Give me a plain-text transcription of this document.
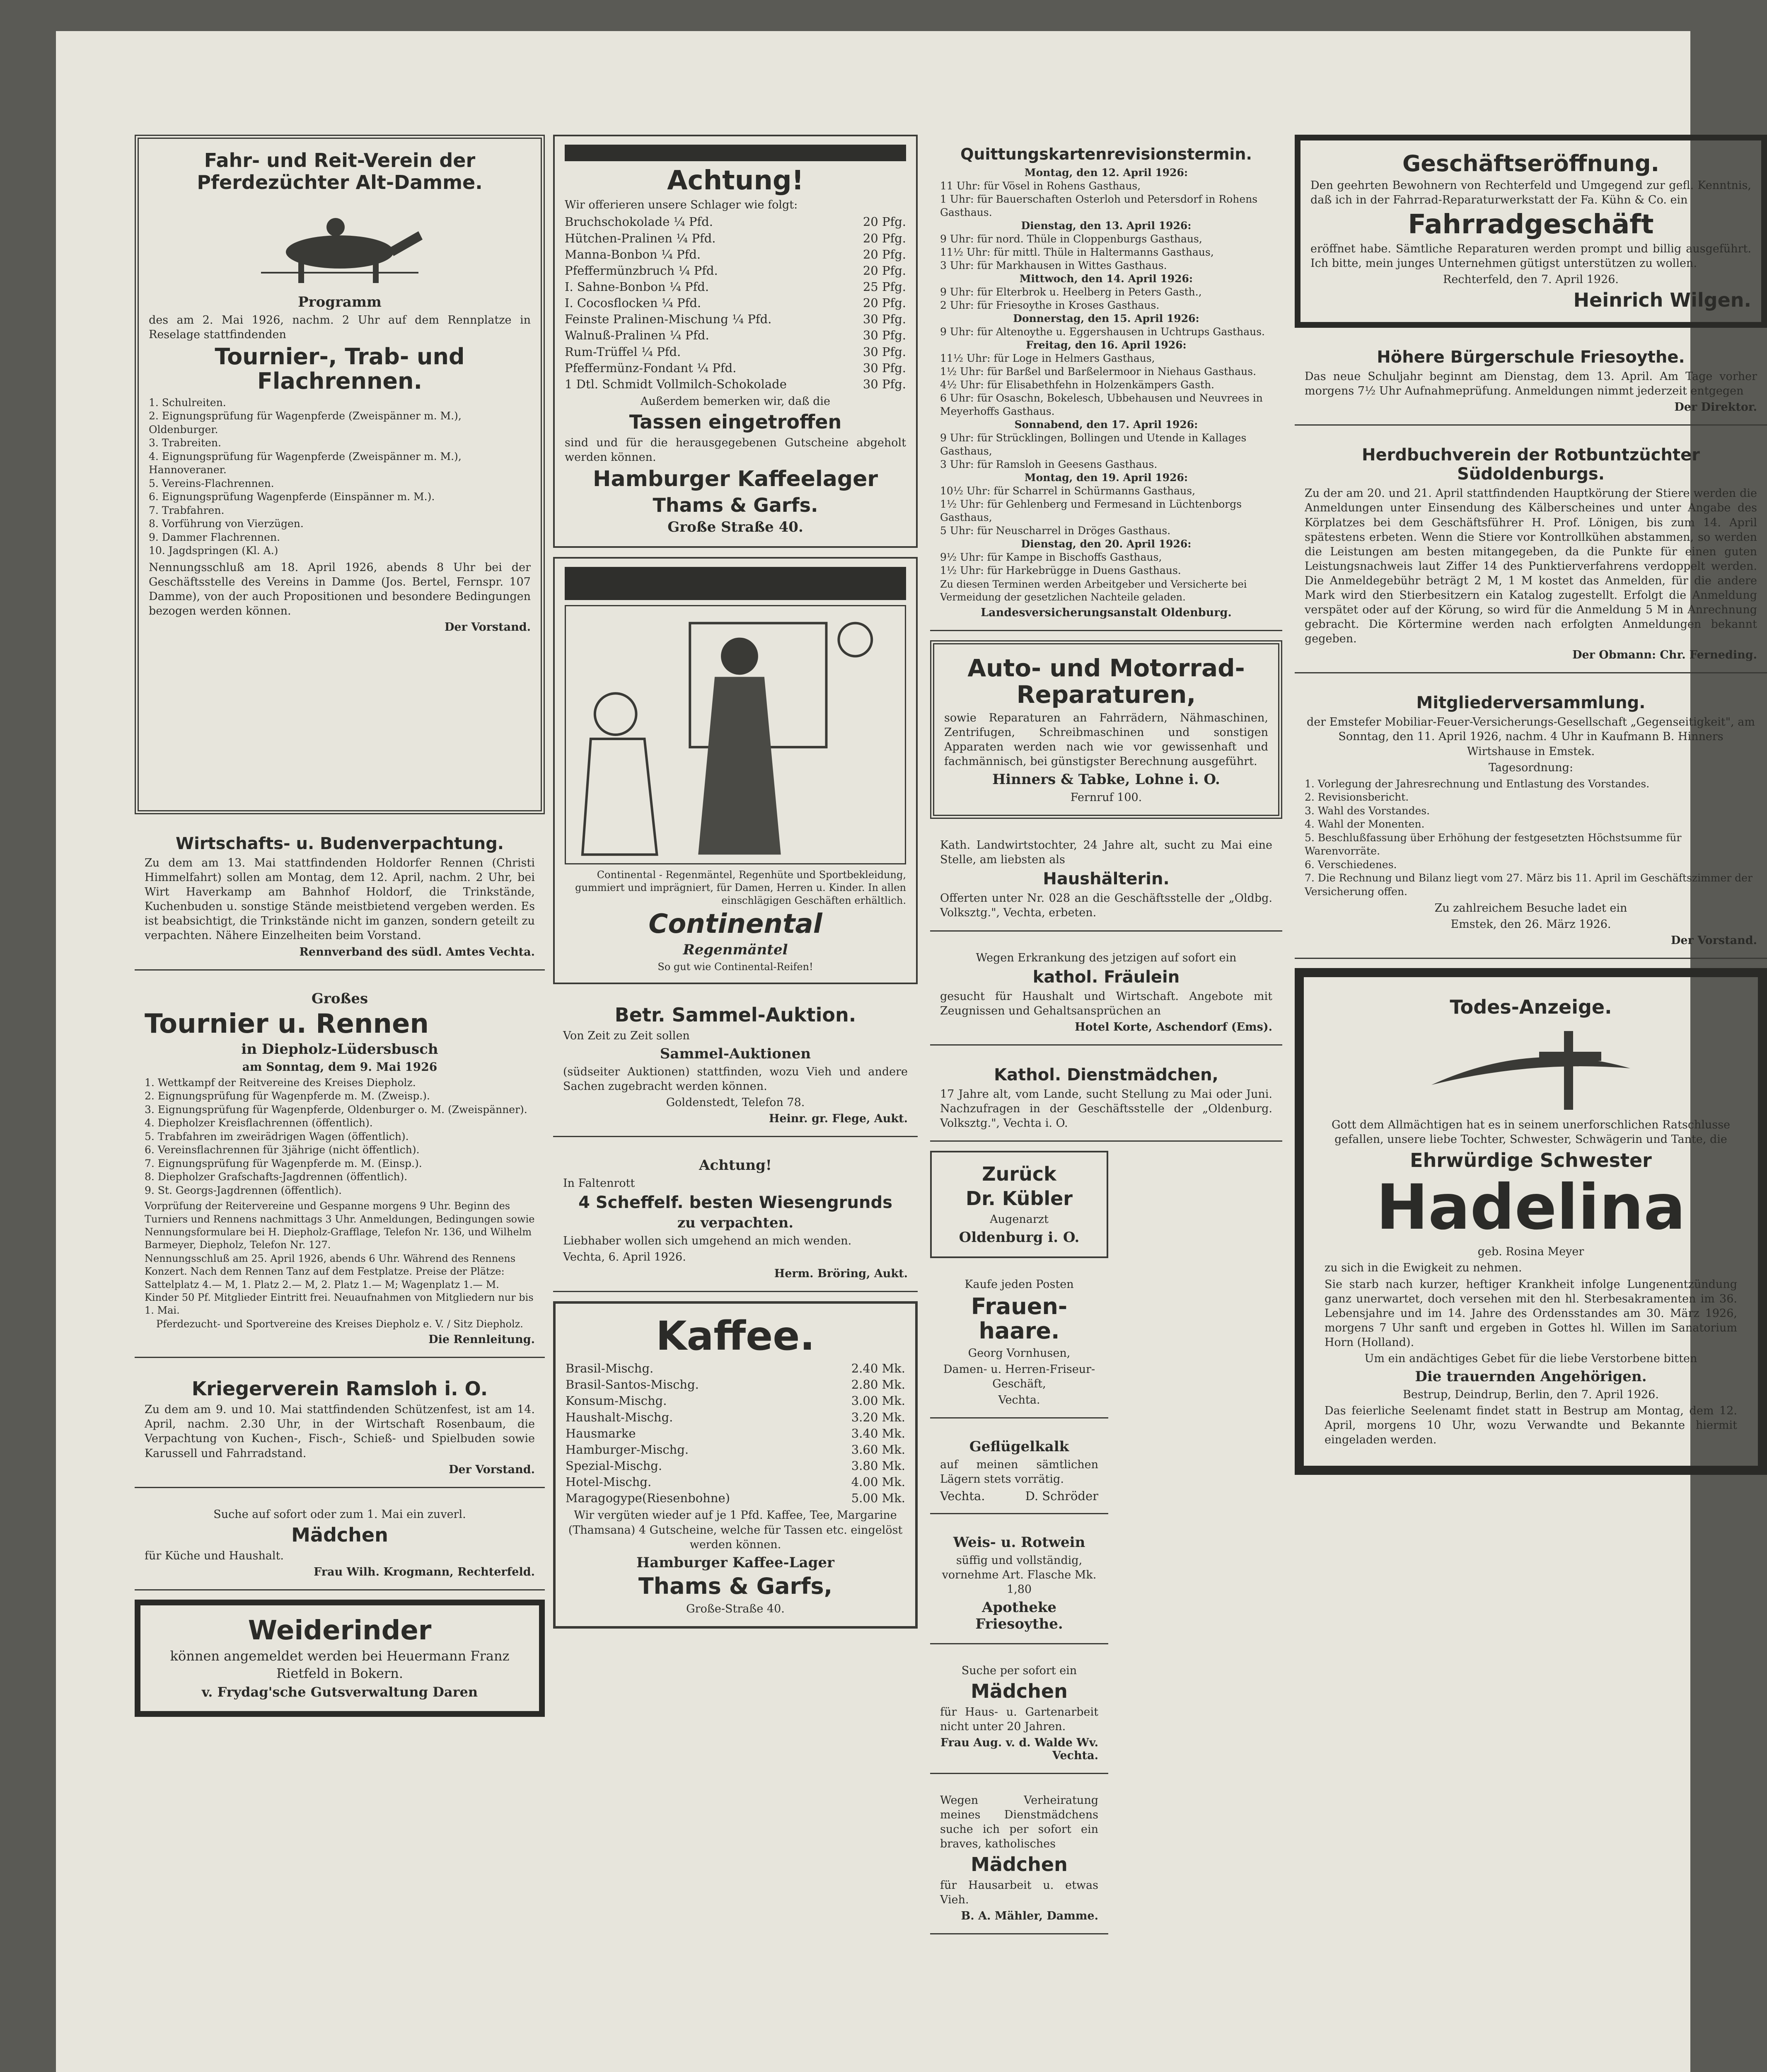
Fahr- und Reit-Verein der Pferdezüchter Alt-Damme.
Programm
des am 2. Mai 1926, nachm. 2 Uhr auf dem Rennplatze in Reselage stattfindenden
Tournier-, Trab- und Flachrennen.
1. Schulreiten.
2. Eignungsprüfung für Wagenpferde (Zweispänner m. M.), Oldenburger.
3. Trabreiten.
4. Eignungsprüfung für Wagenpferde (Zweispänner m. M.), Hannoveraner.
5. Vereins-Flachrennen.
6. Eignungsprüfung Wagenpferde (Einspänner m. M.).
7. Trabfahren.
8. Vorführung von Vierzügen.
9. Dammer Flachrennen.
10. Jagdspringen (Kl. A.)
Nennungsschluß am 18. April 1926, abends 8 Uhr bei der Geschäftsstelle des Vereins in Damme (Jos. Bertel, Fernspr. 107 Damme), von der auch Propositionen und besondere Bedingungen bezogen werden können.
Der Vorstand.
Wirtschafts- u. Budenverpachtung.
Zu dem am 13. Mai stattfindenden Holdorfer Rennen (Christi Himmelfahrt) sollen am Montag, dem 12. April, nachm. 2 Uhr, bei Wirt Haverkamp am Bahnhof Holdorf, die Trinkstände, Kuchenbuden u. sonstige Stände meistbietend vergeben werden. Es ist beabsichtigt, die Trinkstände nicht im ganzen, sondern geteilt zu verpachten. Nähere Einzelheiten beim Vorstand.
Rennverband des südl. Amtes Vechta.
Großes
Tournier u. Rennen
in Diepholz-Lüdersbusch
am Sonntag, dem 9. Mai 1926
1. Wettkampf der Reitvereine des Kreises Diepholz.
2. Eignungsprüfung für Wagenpferde m. M. (Zweisp.).
3. Eignungsprüfung für Wagenpferde, Oldenburger o. M. (Zweispänner).
4. Diepholzer Kreisflachrennen (öffentlich).
5. Trabfahren im zweirädrigen Wagen (öffentlich).
6. Vereinsflachrennen für 3jährige (nicht öffentlich).
7. Eignungsprüfung für Wagenpferde m. M. (Einsp.).
8. Diepholzer Grafschafts-Jagdrennen (öffentlich).
9. St. Georgs-Jagdrennen (öffentlich).
Vorprüfung der Reitervereine und Gespanne morgens 9 Uhr. Beginn des Turniers und Rennens nachmittags 3 Uhr. Anmeldungen, Bedingungen sowie Nennungsformulare bei H. Diepholz-Grafflage, Telefon Nr. 136, und Wilhelm Barmeyer, Diepholz, Telefon Nr. 127.
Nennungsschluß am 25. April 1926, abends 6 Uhr. Während des Rennens Konzert. Nach dem Rennen Tanz auf dem Festplatze. Preise der Plätze: Sattelplatz 4.— M, 1. Platz 2.— M, 2. Platz 1.— M; Wagenplatz 1.— M. Kinder 50 Pf. Mitglieder Eintritt frei. Neuaufnahmen von Mitgliedern nur bis 1. Mai.
Pferdezucht- und Sportvereine des Kreises Diepholz e. V. / Sitz Diepholz.
Die Rennleitung.
Kriegerverein Ramsloh i. O.
Zu dem am 9. und 10. Mai stattfindenden Schützenfest, ist am 14. April, nachm. 2.30 Uhr, in der Wirtschaft Rosenbaum, die Verpachtung von Kuchen-, Fisch-, Schieß- und Spielbuden sowie Karussell und Fahrradstand.
Der Vorstand.
Suche auf sofort oder zum 1. Mai ein zuverl.
Mädchen
für Küche und Haushalt.
Frau Wilh. Krogmann, Rechterfeld.
Weiderinder
können angemeldet werden bei Heuermann Franz Rietfeld in Bokern.
v. Frydag'sche Gutsverwaltung Daren
Achtung!
Wir offerieren unsere Schlager wie folgt:
Bruchschokolade ¼ Pfd.	20 Pfg.
Hütchen-Pralinen ¼ Pfd.	20 Pfg.
Manna-Bonbon ¼ Pfd.	20 Pfg.
Pfeffermünzbruch ¼ Pfd.	20 Pfg.
I. Sahne-Bonbon ¼ Pfd.	25 Pfg.
I. Cocosflocken ¼ Pfd.	20 Pfg.
Feinste Pralinen-Mischung ¼ Pfd.	30 Pfg.
Walnuß-Pralinen ¼ Pfd.	30 Pfg.
Rum-Trüffel ¼ Pfd.	30 Pfg.
Pfeffermünz-Fondant ¼ Pfd.	30 Pfg.
1 Dtl. Schmidt Vollmilch-Schokolade	30 Pfg.
Außerdem bemerken wir, daß die
Tassen eingetroffen
sind und für die herausgegebenen Gutscheine abgeholt werden können.
Hamburger Kaffeelager
Thams & Garfs.
Große Straße 40.
Continental - Regenmäntel, Regenhüte und Sportbekleidung, gummiert und imprägniert, für Damen, Herren u. Kinder. In allen einschlägigen Geschäften erhältlich.
Continental
Regenmäntel
So gut wie Continental-Reifen!
Betr. Sammel-Auktion.
Von Zeit zu Zeit sollen
Sammel-Auktionen
(südseiter Auktionen) stattfinden, wozu Vieh und andere Sachen zugebracht werden können.
Goldenstedt, Telefon 78.
Heinr. gr. Flege, Aukt.
Achtung!
In Faltenrott
4 Scheffelf. besten Wiesengrunds
zu verpachten.
Liebhaber wollen sich umgehend an mich wenden.
Vechta, 6. April 1926.
Herm. Bröring, Aukt.
Kaffee.
Brasil-Mischg.	2.40 Mk.
Brasil-Santos-Mischg.	2.80 Mk.
Konsum-Mischg.	3.00 Mk.
Haushalt-Mischg.	3.20 Mk.
Hausmarke	3.40 Mk.
Hamburger-Mischg.	3.60 Mk.
Spezial-Mischg.	3.80 Mk.
Hotel-Mischg.	4.00 Mk.
Maragogype(Riesenbohne)	5.00 Mk.
Wir vergüten wieder auf je 1 Pfd. Kaffee, Tee, Margarine (Thamsana) 4 Gutscheine, welche für Tassen etc. eingelöst werden können.
Hamburger Kaffee-Lager
Thams & Garfs,
Große-Straße 40.
Quittungskartenrevisionstermin.
Montag, den 12. April 1926:
11 Uhr: für Vösel in Rohens Gasthaus,
1 Uhr: für Bauerschaften Osterloh und Petersdorf in Rohens Gasthaus.
Dienstag, den 13. April 1926:
9 Uhr: für nord. Thüle in Cloppenburgs Gasthaus,
11½ Uhr: für mittl. Thüle in Haltermanns Gasthaus,
3 Uhr: für Markhausen in Wittes Gasthaus.
Mittwoch, den 14. April 1926:
9 Uhr: für Elterbrok u. Heelberg in Peters Gasth.,
2 Uhr: für Friesoythe in Kroses Gasthaus.
Donnerstag, den 15. April 1926:
9 Uhr: für Altenoythe u. Eggershausen in Uchtrups Gasthaus.
Freitag, den 16. April 1926:
11½ Uhr: für Loge in Helmers Gasthaus,
1½ Uhr: für Barßel und Barßelermoor in Niehaus Gasthaus.
4½ Uhr: für Elisabethfehn in Holzenkämpers Gasth.
6 Uhr: für Osaschn, Bokelesch, Ubbehausen und Neuvrees in Meyerhoffs Gasthaus.
Sonnabend, den 17. April 1926:
9 Uhr: für Strücklingen, Bollingen und Utende in Kallages Gasthaus,
3 Uhr: für Ramsloh in Geesens Gasthaus.
Montag, den 19. April 1926:
10½ Uhr: für Scharrel in Schürmanns Gasthaus,
1½ Uhr: für Gehlenberg und Fermesand in Lüchtenborgs Gasthaus,
5 Uhr: für Neuscharrel in Dröges Gasthaus.
Dienstag, den 20. April 1926:
9½ Uhr: für Kampe in Bischoffs Gasthaus,
1½ Uhr: für Harkebrügge in Duens Gasthaus.
Zu diesen Terminen werden Arbeitgeber und Versicherte bei Vermeidung der gesetzlichen Nachteile geladen.
Landesversicherungsanstalt Oldenburg.
Auto- und Motorrad-Reparaturen,
sowie Reparaturen an Fahrrädern, Nähmaschinen, Zentrifugen, Schreibmaschinen und sonstigen Apparaten werden nach wie vor gewissenhaft und fachmännisch, bei günstigster Berechnung ausgeführt.
Hinners & Tabke, Lohne i. O.
Fernruf 100.
Kath. Landwirtstochter, 24 Jahre alt, sucht zu Mai eine Stelle, am liebsten als
Haushälterin.
Offerten unter Nr. 028 an die Geschäftsstelle der „Oldbg. Volksztg.", Vechta, erbeten.
Wegen Erkrankung des jetzigen auf sofort ein
kathol. Fräulein
gesucht für Haushalt und Wirtschaft. Angebote mit Zeugnissen und Gehaltsansprüchen an
Hotel Korte, Aschendorf (Ems).
Kathol. Dienstmädchen,
17 Jahre alt, vom Lande, sucht Stellung zu Mai oder Juni. Nachzufragen in der Geschäftsstelle der „Oldenburg. Volksztg.", Vechta i. O.
Zurück
Dr. Kübler
Augenarzt
Oldenburg i. O.
Kaufe jeden Posten
Frauen-haare.
Georg Vornhusen,
Damen- u. Herren-Friseur-Geschäft,
Vechta.
Geflügelkalk
auf meinen sämtlichen Lägern stets vorrätig.
Vechta.	D. Schröder
Weis- u. Rotwein
süffig und vollständig, vornehme Art. Flasche Mk. 1,80
Apotheke Friesoythe.
Suche per sofort ein
Mädchen
für Haus- u. Gartenarbeit nicht unter 20 Jahren.
Frau Aug. v. d. Walde Wv. Vechta.
Wegen Verheiratung meines Dienstmädchens suche ich per sofort ein braves, katholisches
Mädchen
für Hausarbeit u. etwas Vieh.
B. A. Mähler, Damme.
Geschäftseröffnung.
Den geehrten Bewohnern von Rechterfeld und Umgegend zur gefl. Kenntnis, daß ich in der Fahrrad-Reparaturwerkstatt der Fa. Kühn & Co. ein
Fahrradgeschäft
eröffnet habe. Sämtliche Reparaturen werden prompt und billig ausgeführt. Ich bitte, mein junges Unternehmen gütigst unterstützen zu wollen.
Rechterfeld, den 7. April 1926.
Heinrich Wilgen.
Höhere Bürgerschule Friesoythe.
Das neue Schuljahr beginnt am Dienstag, dem 13. April. Am Tage vorher morgens 7½ Uhr Aufnahmeprüfung. Anmeldungen nimmt jederzeit entgegen
Der Direktor.
Herdbuchverein der Rotbuntzüchter Südoldenburgs.
Zu der am 20. und 21. April stattfindenden Hauptkörung der Stiere werden die Anmeldungen unter Einsendung des Kälberscheines und unter Angabe des Körplatzes bei dem Geschäftsführer H. Prof. Lönigen, bis zum 14. April spätestens erbeten. Wenn die Stiere vor Kontrollkühen abstammen, so werden die Leistungen am besten mitangegeben, da die Punkte für einen guten Leistungsnachweis laut Ziffer 14 des Punktierverfahrens verdoppelt werden. Die Anmeldegebühr beträgt 2 M, 1 M kostet das Anmelden, für die andere Mark wird den Stierbesitzern ein Katalog zugestellt. Erfolgt die Anmeldung verspätet oder auf der Körung, so wird für die Anmeldung 5 M in Anrechnung gebracht. Die Körtermine werden nach erfolgten Anmeldungen bekannt gegeben.
Der Obmann: Chr. Ferneding.
Mitgliederversammlung.
der Emstefer Mobiliar-Feuer-Versicherungs-Gesellschaft „Gegenseitigkeit", am Sonntag, den 11. April 1926, nachm. 4 Uhr in Kaufmann B. Hinners Wirtshause in Emstek.
Tagesordnung:
1. Vorlegung der Jahresrechnung und Entlastung des Vorstandes.
2. Revisionsbericht.
3. Wahl des Vorstandes.
4. Wahl der Monenten.
5. Beschlußfassung über Erhöhung der festgesetzten Höchstsumme für Warenvorräte.
6. Verschiedenes.
7. Die Rechnung und Bilanz liegt vom 27. März bis 11. April im Geschäftszimmer der Versicherung offen.
Zu zahlreichem Besuche ladet ein
Emstek, den 26. März 1926.
Der Vorstand.
Todes-Anzeige.
Gott dem Allmächtigen hat es in seinem unerforschlichen Ratschlusse gefallen, unsere liebe Tochter, Schwester, Schwägerin und Tante, die
Ehrwürdige Schwester
Hadelina
geb. Rosina Meyer
zu sich in die Ewigkeit zu nehmen.
Sie starb nach kurzer, heftiger Krankheit infolge Lungenentzündung ganz unerwartet, doch versehen mit den hl. Sterbesakramenten im 36. Lebensjahre und im 14. Jahre des Ordensstandes am 30. März 1926, morgens 7 Uhr sanft und ergeben in Gottes hl. Willen im Sanatorium Horn (Holland).
Um ein andächtiges Gebet für die liebe Verstorbene bitten
Die trauernden Angehörigen.
Bestrup, Deindrup, Berlin, den 7. April 1926.
Das feierliche Seelenamt findet statt in Bestrup am Montag, dem 12. April, morgens 10 Uhr, wozu Verwandte und Bekannte hiermit eingeladen werden.
